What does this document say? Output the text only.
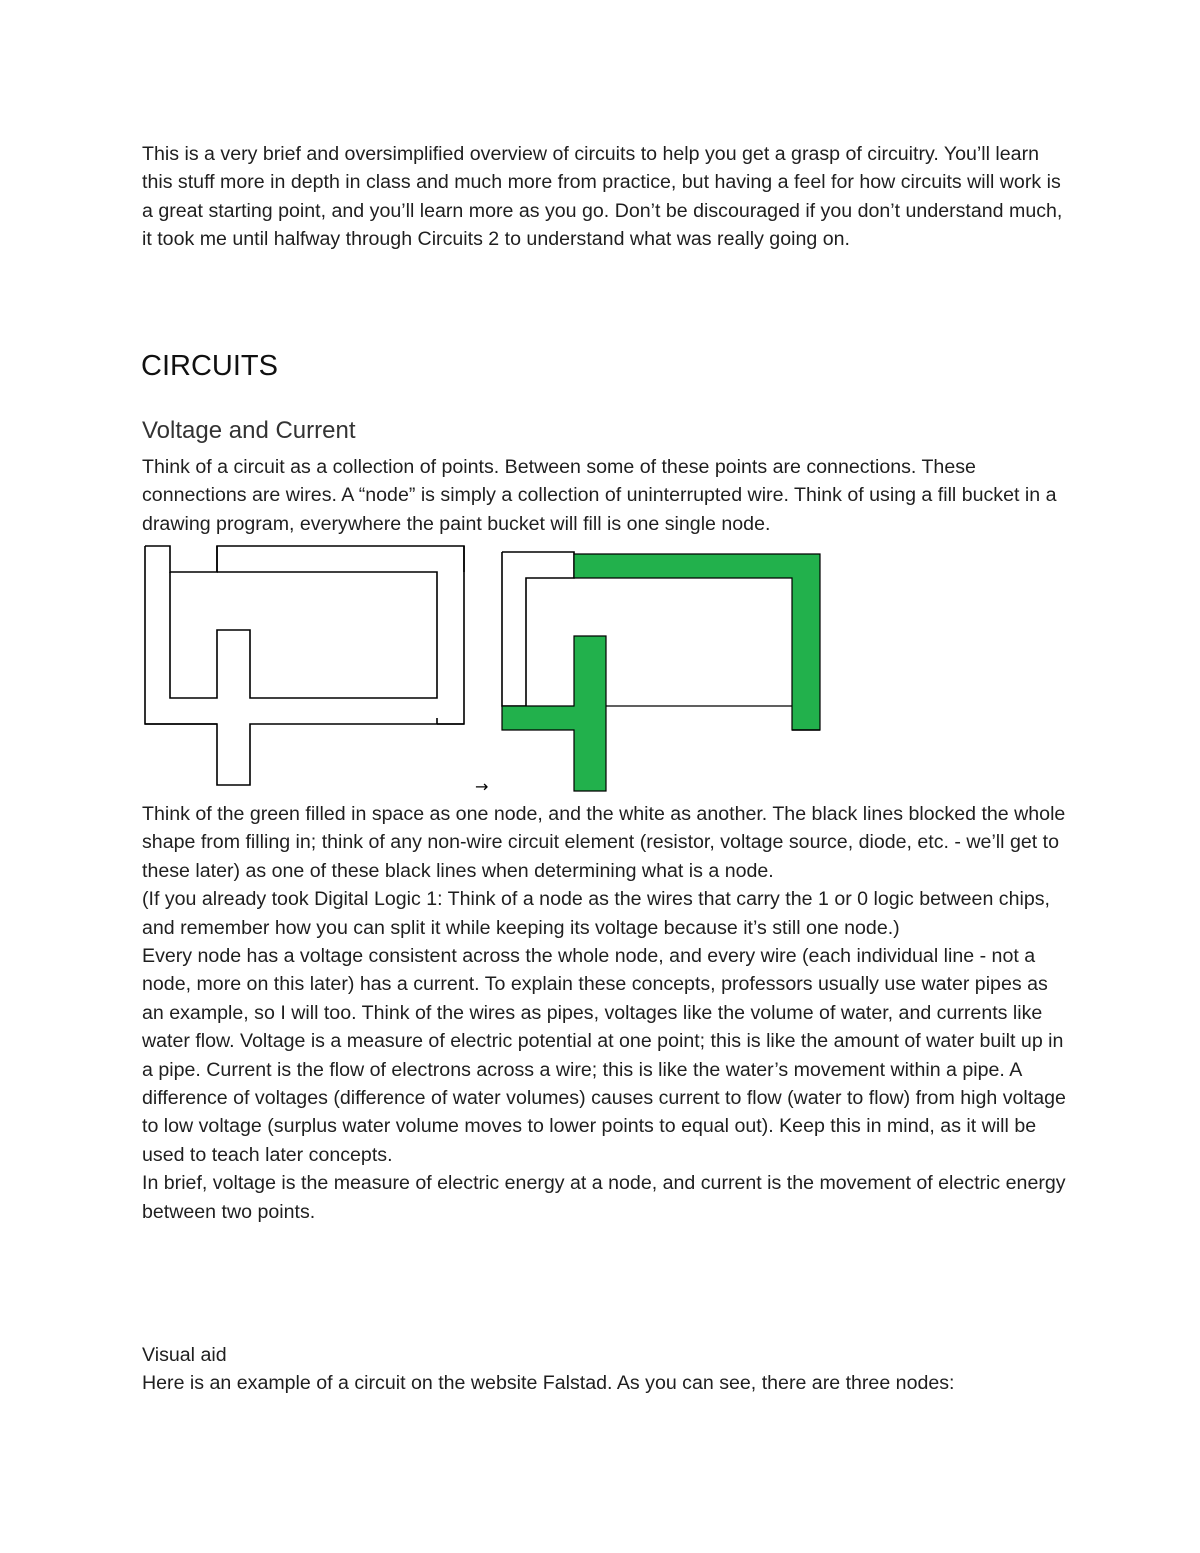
This is a very brief and oversimplified overview of circuits to help you get a grasp of circuitry. You’ll learn this stuff more in depth in class and much more from practice, but having a feel for how circuits will work is a great starting point, and you’ll learn more as you go. Don’t be discouraged if you don’t understand much, it took me until halfway through Circuits 2 to understand what was really going on.

CIRCUITS
Voltage and Current

Think of a circuit as a collection of points. Between some of these points are connections. These connections are wires. A “node” is simply a collection of uninterrupted wire. Think of using a fill bucket in a drawing program, everywhere the paint bucket will fill is one single node.

→
Think of the green filled in space as one node, and the white as another. The black lines blocked the whole shape from filling in; think of any non-wire circuit element (resistor, voltage source, diode, etc. - we’ll get to these later) as one of these black lines when determining what is a node.
(If you already took Digital Logic 1: Think of a node as the wires that carry the 1 or 0 logic between chips, and remember how you can split it while keeping its voltage because it’s still one node.)
Every node has a voltage consistent across the whole node, and every wire (each individual line - not a node, more on this later) has a current. To explain these concepts, professors usually use water pipes as an example, so I will too. Think of the wires as pipes, voltages like the volume of water, and currents like water flow. Voltage is a measure of electric potential at one point; this is like the amount of water built up in a pipe. Current is the flow of electrons across a wire; this is like the water’s movement within a pipe. A difference of voltages (difference of water volumes) causes current to flow (water to flow) from high voltage to low voltage (surplus water volume moves to lower points to equal out). Keep this in mind, as it will be used to teach later concepts.
In brief, voltage is the measure of electric energy at a node, and current is the movement of electric energy between two points.

Visual aid

Here is an example of a circuit on the website Falstad. As you can see, there are three nodes:
